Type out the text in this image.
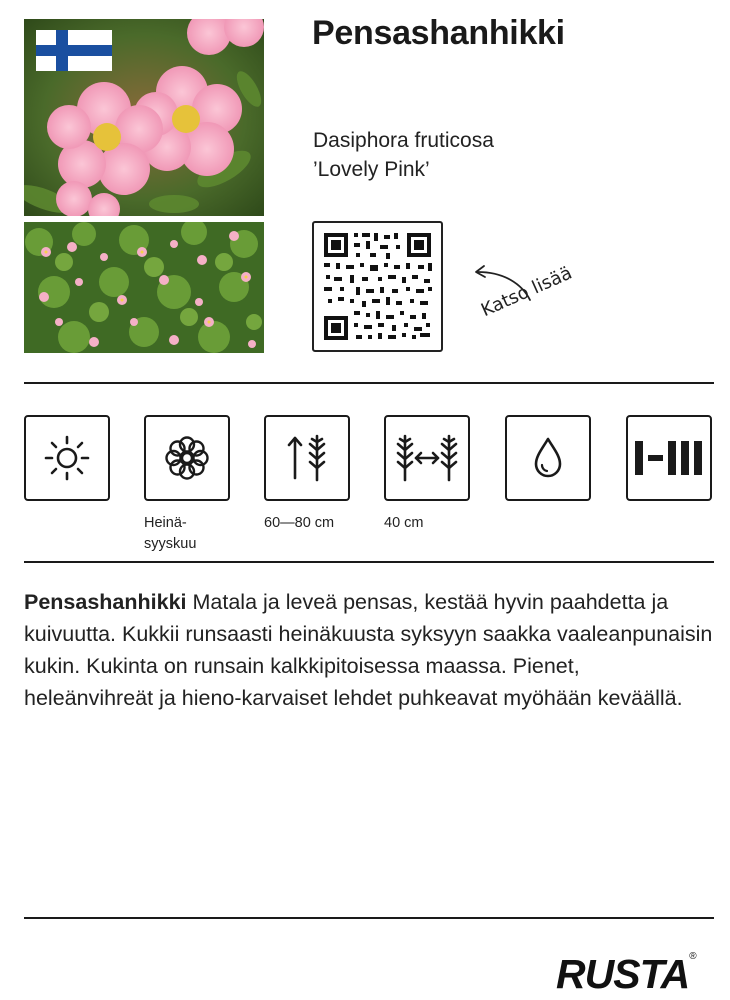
Pensashanhikki
Dasiphora fruticosa
’Lovely Pink’
Katso lisää
Heinä-
syyskuu
60—80 cm	40 cm
Pensashanhikki Matala ja leveä pensas, kestää hyvin paahdetta ja kuivuutta. Kukkii runsaasti heinäkuusta syksyyn saakka vaaleanpunaisin kukin. Kukinta on runsain kalkkipitoisessa maassa. Pienet, heleänvihreät ja hieno-karvaiset lehdet puhkeavat myöhään keväällä.
RUSTA®
